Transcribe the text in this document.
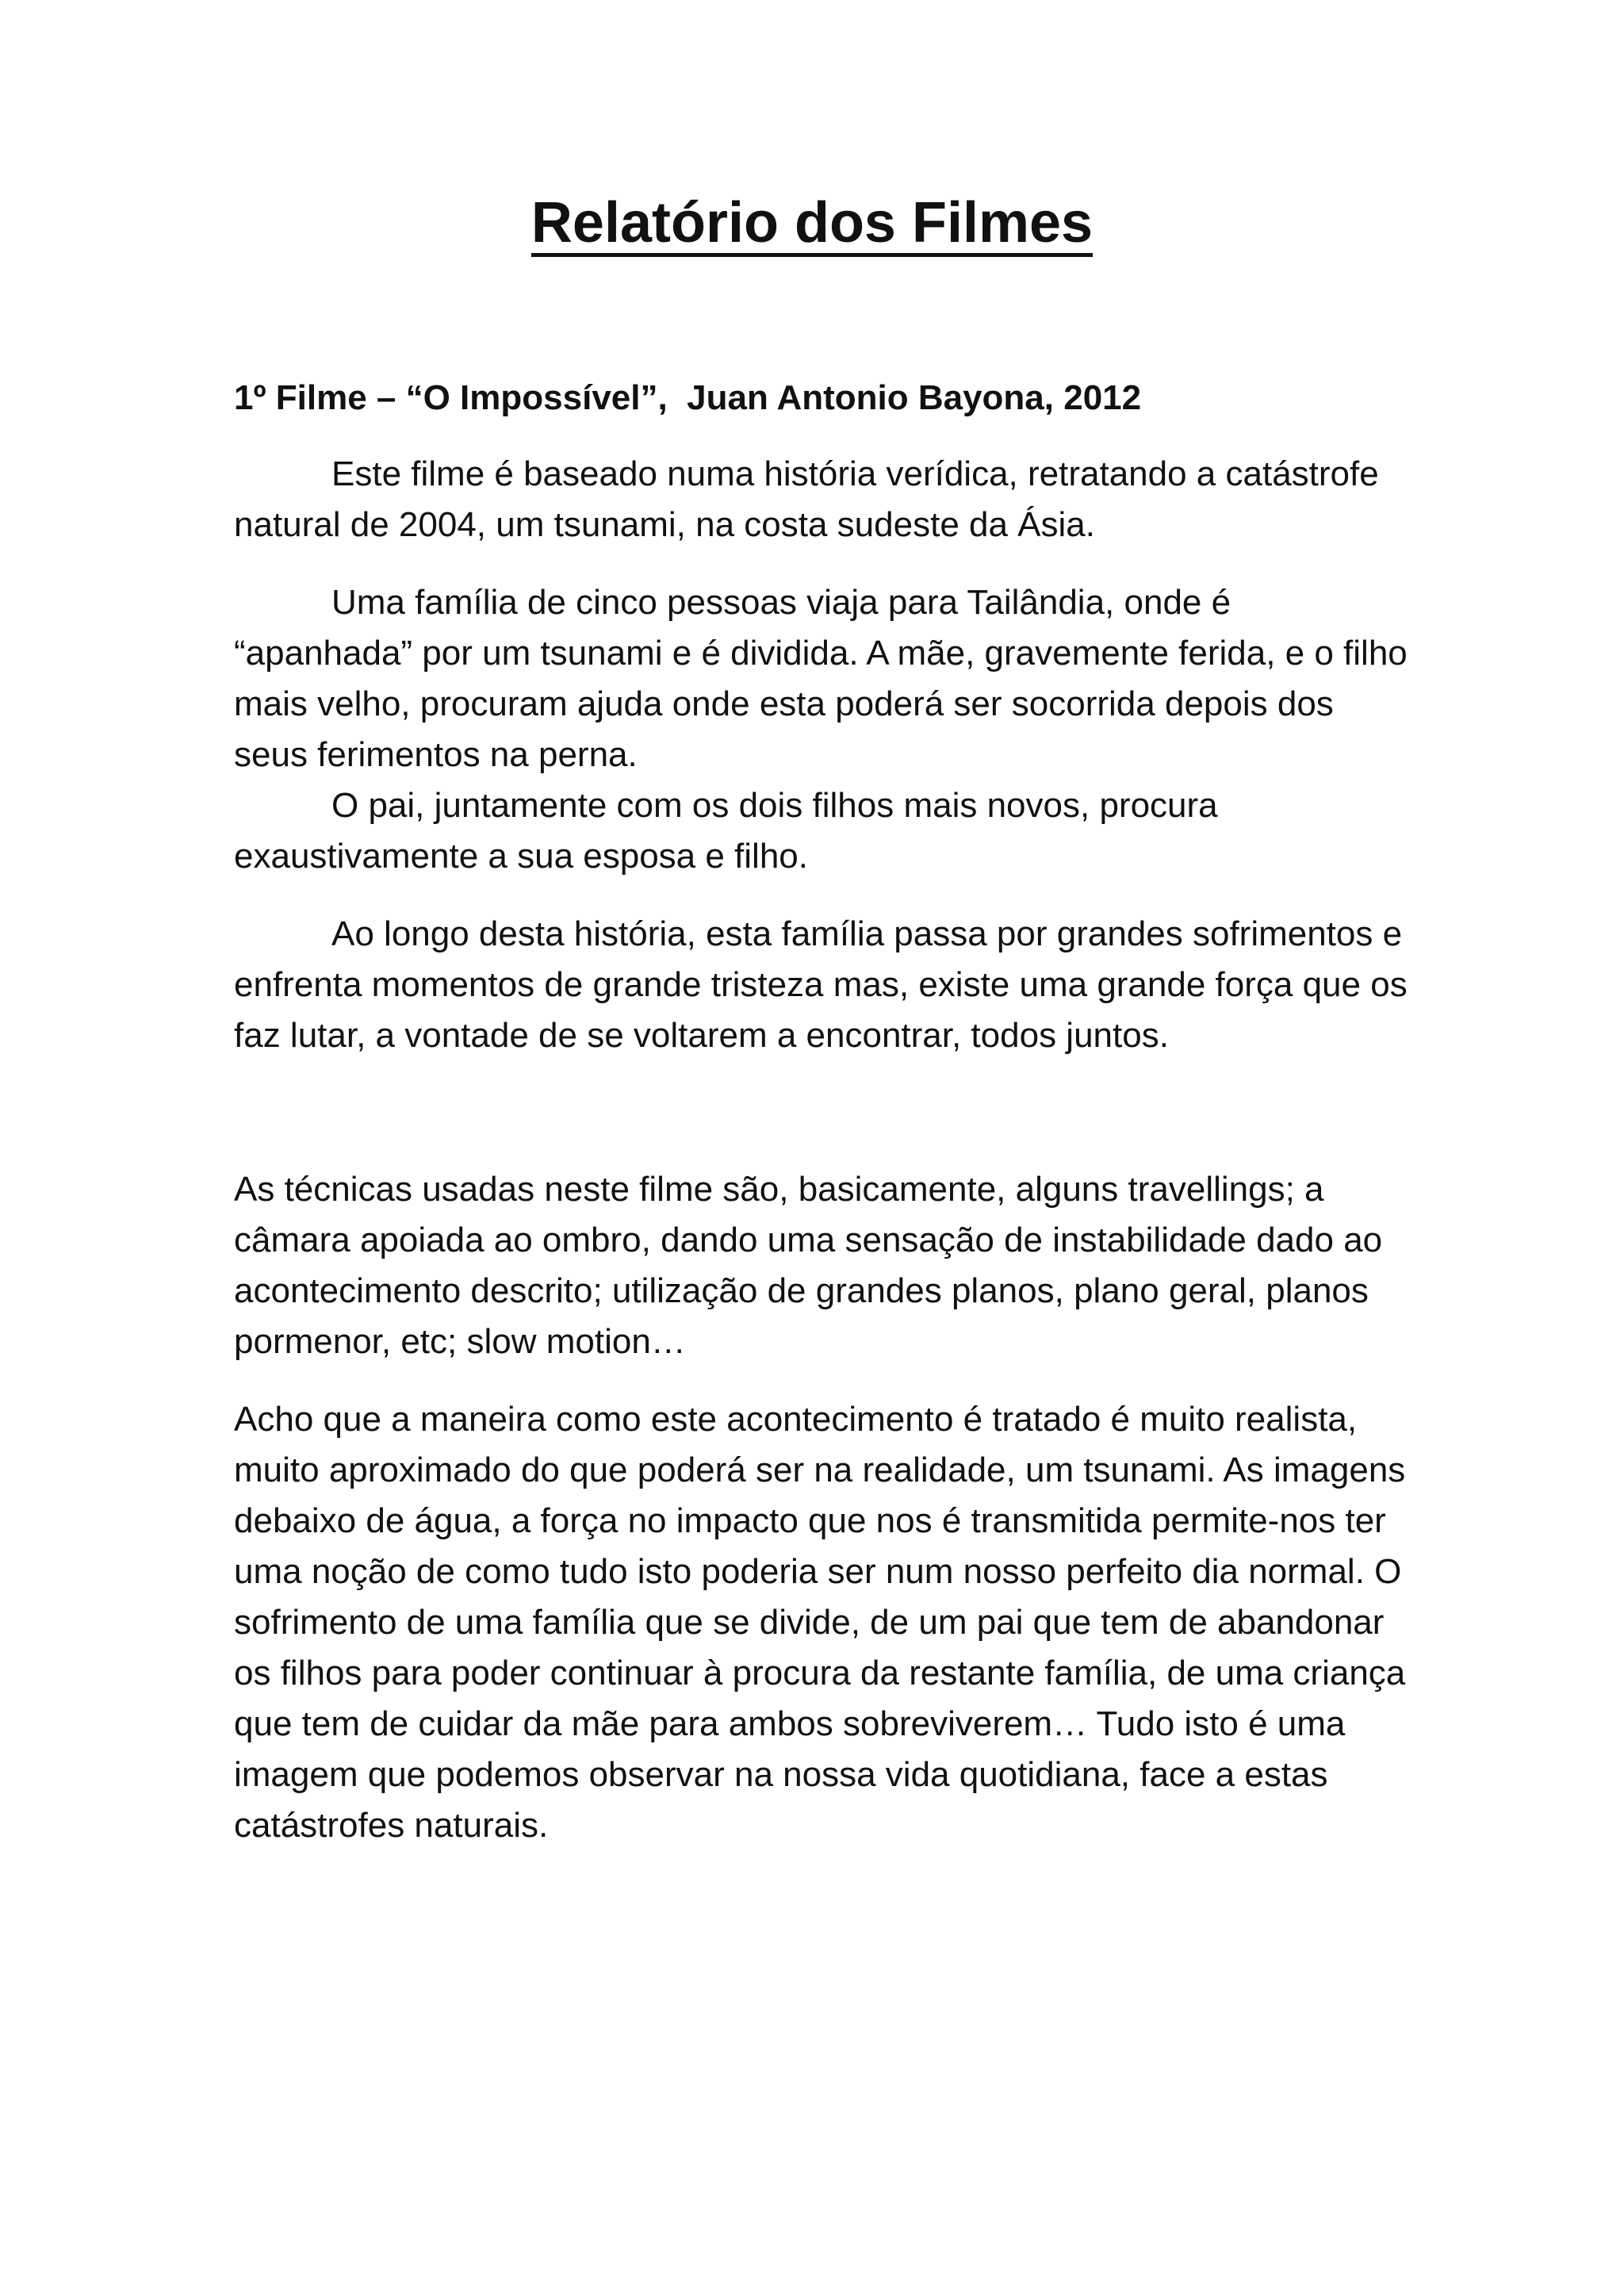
Relatório dos Filmes

1º Filme – “O Impossível”,  Juan Antonio Bayona, 2012

Este filme é baseado numa história verídica, retratando a catástrofe natural de 2004, um tsunami, na costa sudeste da Ásia.

Uma família de cinco pessoas viaja para Tailândia, onde é “apanhada” por um tsunami e é dividida. A mãe, gravemente ferida, e o filho mais velho, procuram ajuda onde esta poderá ser socorrida depois dos seus ferimentos na perna.

O pai, juntamente com os dois filhos mais novos, procura exaustivamente a sua esposa e filho.

Ao longo desta história, esta família passa por grandes sofrimentos e enfrenta momentos de grande tristeza mas, existe uma grande força que os faz lutar, a vontade de se voltarem a encontrar, todos juntos.

As técnicas usadas neste filme são, basicamente, alguns travellings; a câmara apoiada ao ombro, dando uma sensação de instabilidade dado ao acontecimento descrito; utilização de grandes planos, plano geral, planos pormenor, etc; slow motion…

Acho que a maneira como este acontecimento é tratado é muito realista, muito aproximado do que poderá ser na realidade, um tsunami. As imagens debaixo de água, a força no impacto que nos é transmitida permite-nos ter uma noção de como tudo isto poderia ser num nosso perfeito dia normal. O sofrimento de uma família que se divide, de um pai que tem de abandonar os filhos para poder continuar à procura da restante família, de uma criança que tem de cuidar da mãe para ambos sobreviverem… Tudo isto é uma imagem que podemos observar na nossa vida quotidiana, face a estas catástrofes naturais.
